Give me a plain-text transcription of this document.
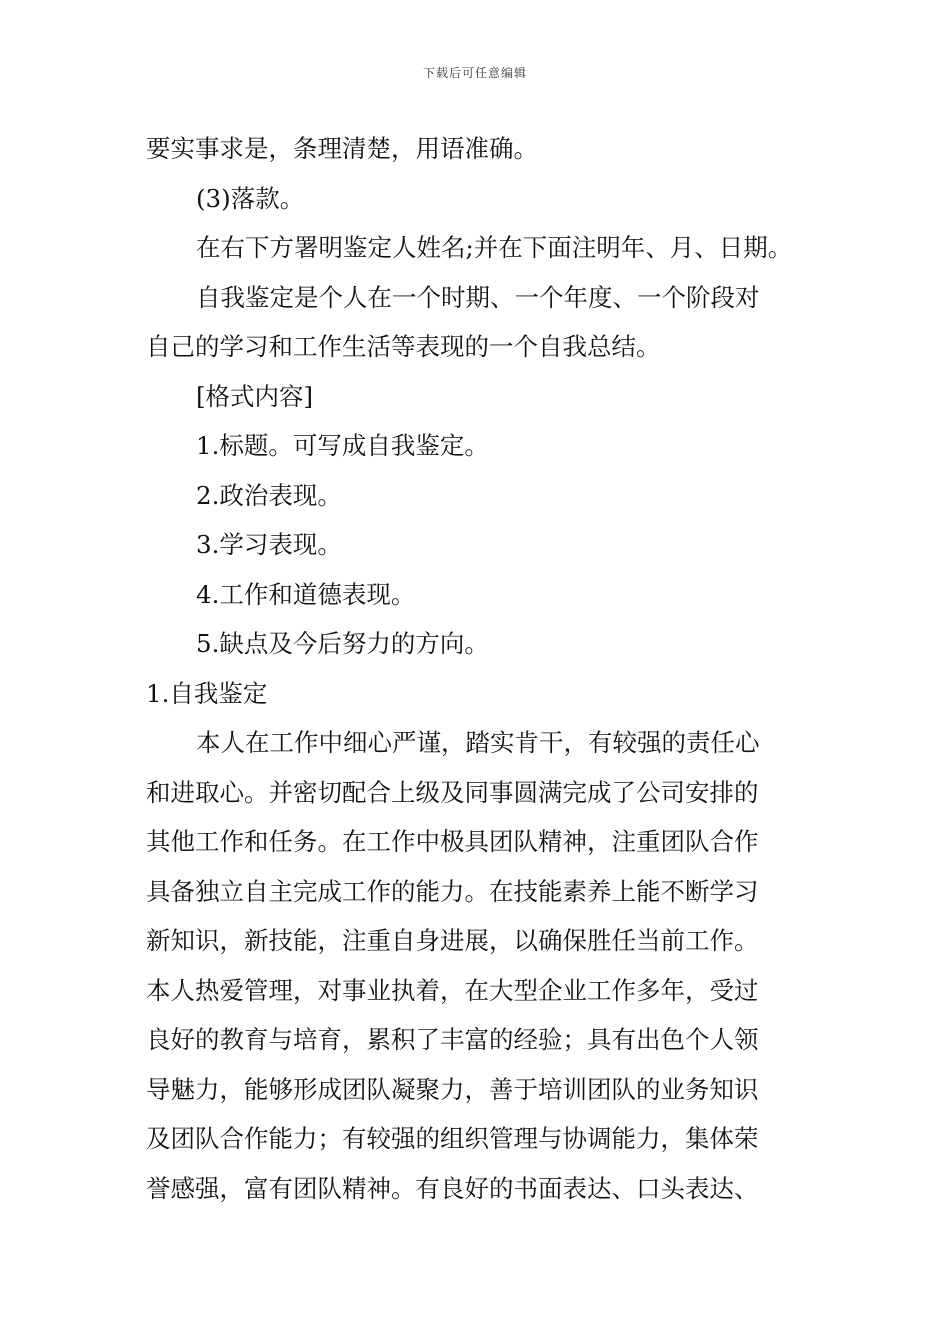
下载后可任意编辑
要实事求是，条理清楚，用语准确。
(3)落款。
在右下方署明鉴定人姓名;并在下面注明年、月、日期。
自我鉴定是个人在一个时期、一个年度、一个阶段对
自己的学习和工作生活等表现的一个自我总结。
[格式内容]
1.标题。可写成自我鉴定。
2.政治表现。
3.学习表现。
4.工作和道德表现。
5.缺点及今后努力的方向。
1.自我鉴定
本人在工作中细心严谨，踏实肯干，有较强的责任心
和进取心。并密切配合上级及同事圆满完成了公司安排的
其他工作和任务。在工作中极具团队精神，注重团队合作
具备独立自主完成工作的能力。在技能素养上能不断学习
新知识，新技能，注重自身进展，以确保胜任当前工作。
本人热爱管理，对事业执着，在大型企业工作多年，受过
良好的教育与培育，累积了丰富的经验；具有出色个人领
导魅力，能够形成团队凝聚力，善于培训团队的业务知识
及团队合作能力；有较强的组织管理与协调能力，集体荣
誉感强，富有团队精神。有良好的书面表达、口头表达、
